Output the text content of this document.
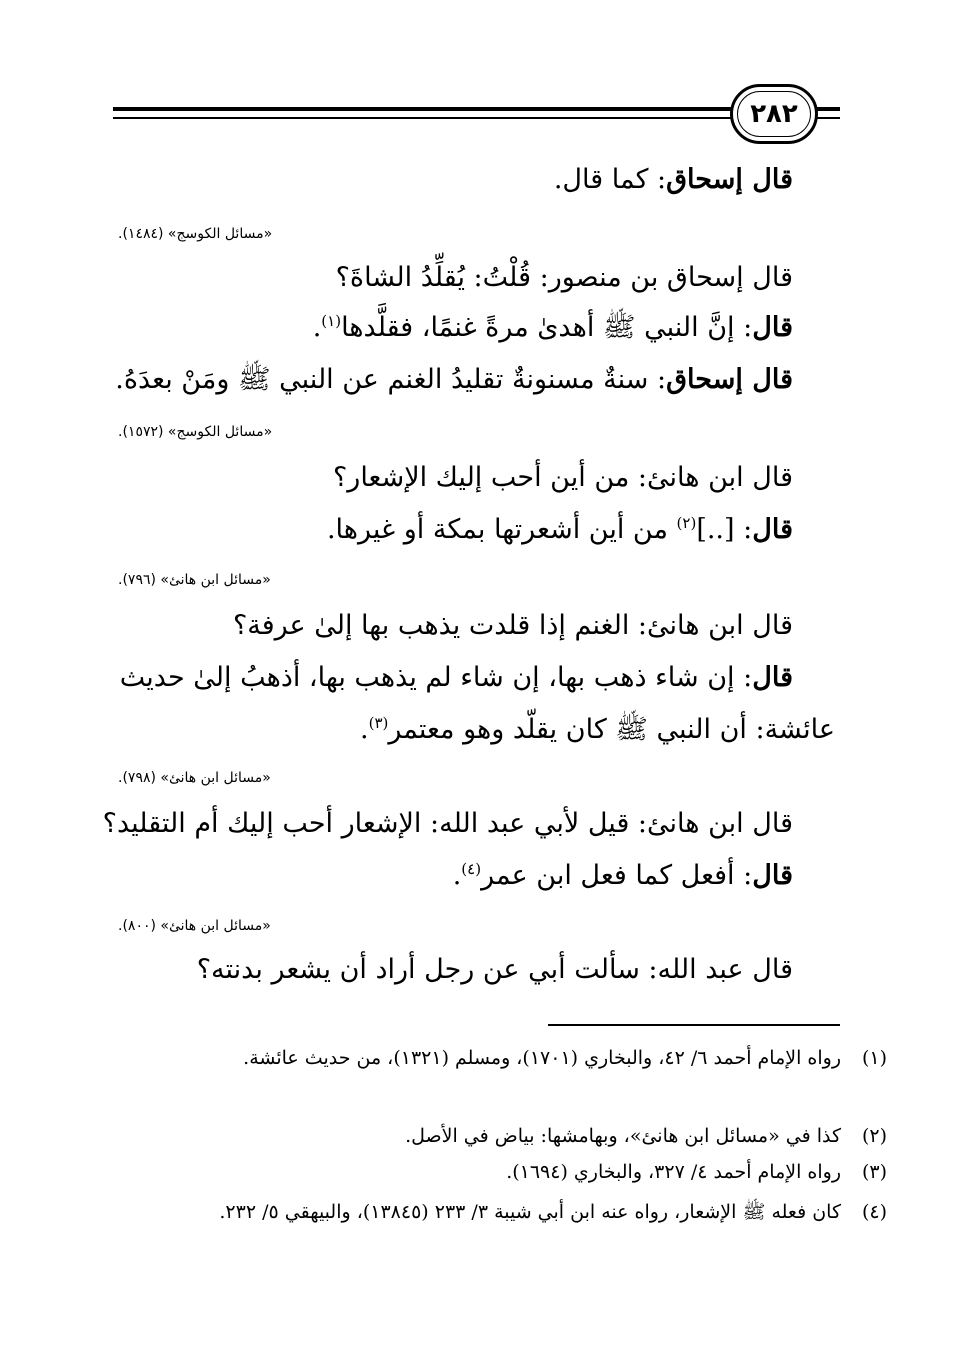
٢٨٢
قال إسحاق: كما قال.
«مسائل الكوسج» (١٤٨٤).
قال إسحاق بن منصور: قُلْتُ: يُقلِّدُ الشاةَ؟
قال: إنَّ النبي ﷺ أهدىٰ مرةً غنمًا، فقلَّدها$^{(١)}$.
قال إسحاق: سنةٌ مسنونةٌ تقليدُ الغنم عن النبي ﷺ ومَنْ بعدَهُ.
«مسائل الكوسج» (١٥٧٢).
قال ابن هانئ: من أين أحب إليك الإشعار؟
قال: [..]$^{(٢)}$ من أين أشعرتها بمكة أو غيرها.
«مسائل ابن هانئ» (٧٩٦).
قال ابن هانئ: الغنم إذا قلدت يذهب بها إلىٰ عرفة؟
قال: إن شاء ذهب بها، إن شاء لم يذهب بها، أذهبُ إلىٰ حديث
عائشة: أن النبي ﷺ كان يقلّد وهو معتمر$^{(٣)}$.
«مسائل ابن هانئ» (٧٩٨).
قال ابن هانئ: قيل لأبي عبد الله: الإشعار أحب إليك أم التقليد؟
قال: أفعل كما فعل ابن عمر$^{(٤)}$.
«مسائل ابن هانئ» (٨٠٠).
قال عبد الله: سألت أبي عن رجل أراد أن يشعر بدنته؟
(١)
رواه الإمام أحمد ٦/ ٤٢، والبخاري (١٧٠١)، ومسلم (١٣٢١)، من حديث عائشة.
(٢)
كذا في «مسائل ابن هانئ»، وبهامشها: بياض في الأصل.
(٣)
رواه الإمام أحمد ٤/ ٣٢٧، والبخاري (١٦٩٤).
(٤)
كان فعله ﷺ الإشعار، رواه عنه ابن أبي شيبة ٣/ ٢٣٣ (١٣٨٤٥)، والبيهقي ٥/ ٢٣٢.
